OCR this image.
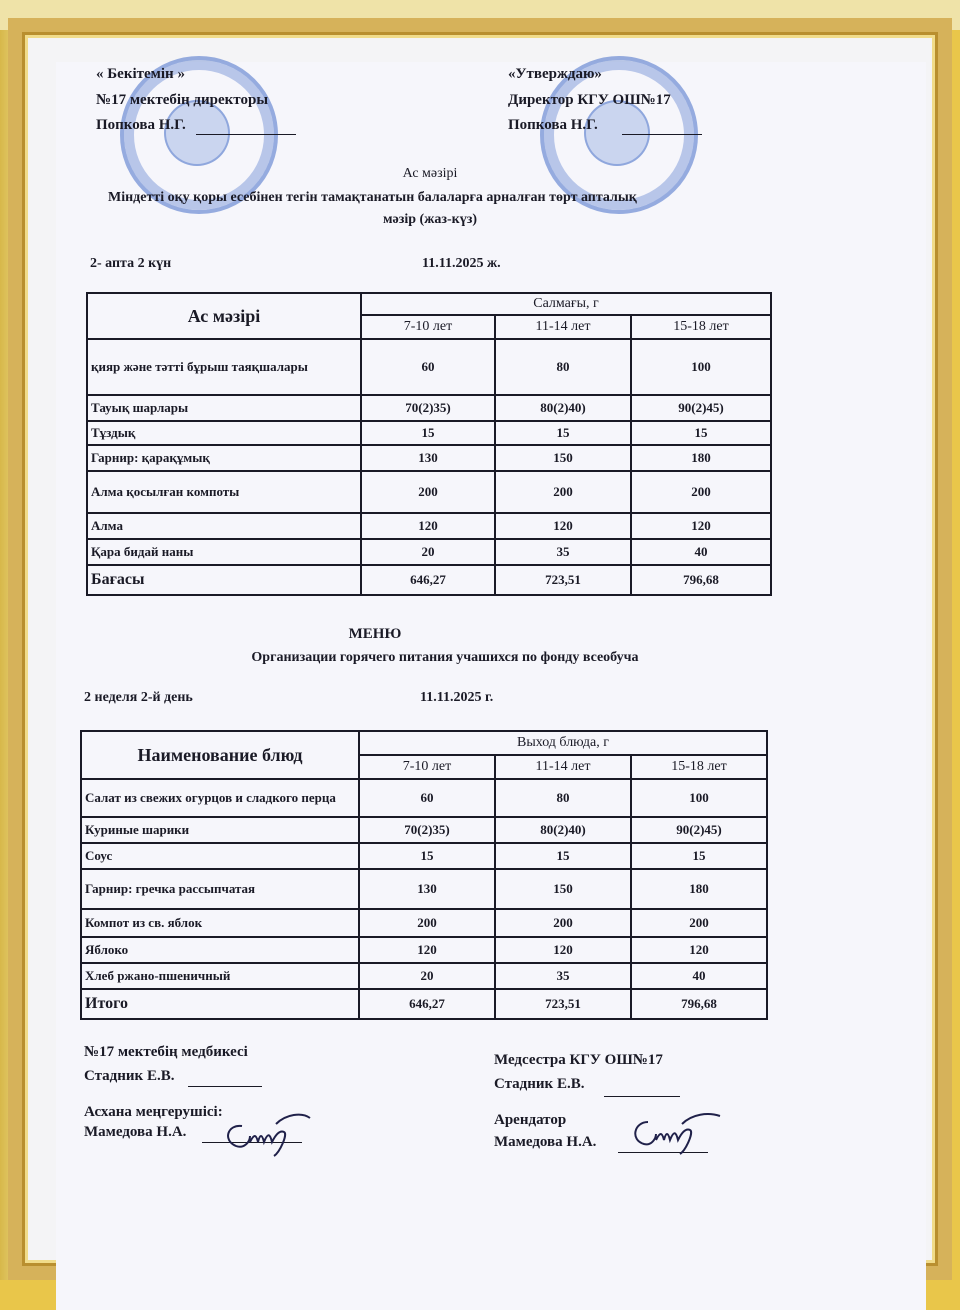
« Бекітемін »
№17 мектебің директоры
Попкова Н.Г.
«Утверждаю»
Директор КГУ ОШ№17
Попкова Н.Г.
Ас мәзірі
Міндетті оқу қоры есебінен тегін тамақтанатын балаларға арналған төрт апталық
мәзір (жаз-күз)
2- апта 2 күн	11.11.2025 ж.
Ас мәзірі	Салмағы, г		
	7-10 лет	11-14 лет	15-18 лет
қияр және тәтті бұрыш таяқшалары	60	80	100
Тауық шарлары	70(2)35)	80(2)40)	90(2)45)
Тұздық	15	15	15
Гарнир: қарақұмық	130	150	180
Алма қосылған компоты	200	200	200
Алма	120	120	120
Қара бидай наны	20	35	40
Бағасы	646,27	723,51	796,68
МЕНЮ
Организации горячего питания учашихся по фонду всеобуча
2 неделя 2-й день	11.11.2025 г.
Наименование блюд	Выход блюда, г		
	7-10 лет	11-14 лет	15-18 лет
Салат из свежих огурцов и сладкого перца	60	80	100
Куриные шарики	70(2)35)	80(2)40)	90(2)45)
Соус	15	15	15
Гарнир: гречка рассыпчатая	130	150	180
Компот из св. яблок	200	200	200
Яблоко	120	120	120
Хлеб ржано-пшеничный	20	35	40
Итого	646,27	723,51	796,68
№17 мектебің медбикесі
Стадник Е.В.
Асхана меңгерушісі:
Мамедова Н.А.
Медсестра КГУ ОШ№17
Стадник Е.В.
Арендатор
Мамедова Н.А.
